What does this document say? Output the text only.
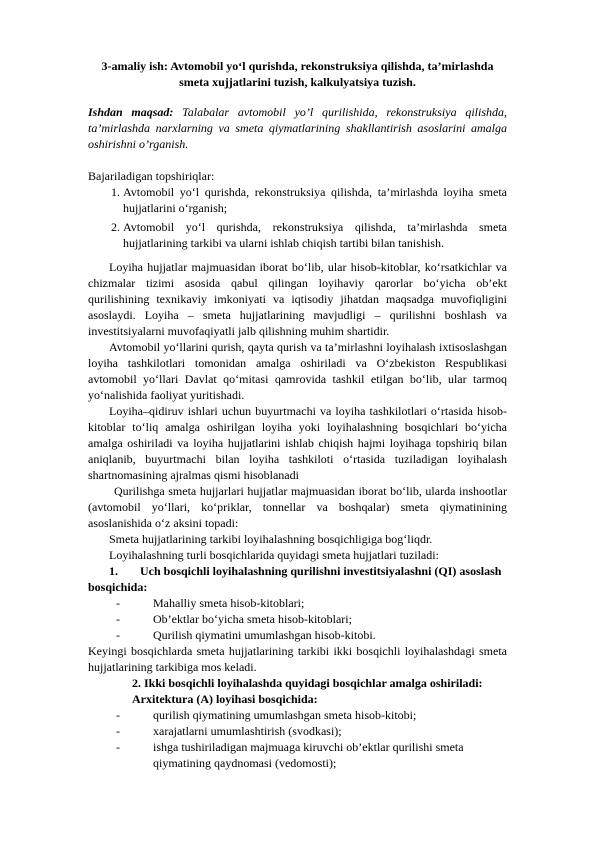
3-amaliy ish: Avtomobil yo‘l qurishda, rekonstruksiya qilishda, ta’mirlashda smeta xujjatlarini tuzish, kalkulyatsiya tuzish.
Ishdan maqsad: Talabalar avtomobil yo’l qurilishida, rekonstruksiya qilishda, ta’mirlashda narxlarning va smeta qiymatlarining shakllantirish asoslarini amalga oshirishni o’rganish.
Bajariladigan topshiriqlar:
1. Avtomobil yo‘l qurishda, rekonstruksiya qilishda, ta’mirlashda loyiha smeta hujjatlarini o‘rganish;
2. Avtomobil yo‘l qurishda, rekonstruksiya qilishda, ta’mirlashda smeta hujjatlarining tarkibi va ularni ishlab chiqish tartibi bilan tanishish.

Loyiha hujjatlar majmuasidan iborat bo‘lib, ular hisob-kitoblar, ko‘rsatkichlar va chizmalar tizimi asosida qabul qilingan loyihaviy qarorlar bo‘yicha ob’ekt qurilishining texnikaviy imkoniyati va iqtisodiy jihatdan maqsadga muvofiqligini asoslaydi. Loyiha – smeta hujjatlarining mavjudligi – qurilishni boshlash va investitsiyalarni muvofaqiyatli jalb qilishning muhim shartidir.

Avtomobil yo‘llarini qurish, qayta qurish va ta’mirlashni loyihalash ixtisoslashgan loyiha tashkilotlari tomonidan amalga oshiriladi va O‘zbekiston Respublikasi avtomobil yo‘llari Davlat qo‘mitasi qamrovida tashkil etilgan bo‘lib, ular tarmoq yo‘nalishida faoliyat yuritishadi.

Loyiha–qidiruv ishlari uchun buyurtmachi va loyiha tashkilotlari o‘rtasida hisob-kitoblar to‘liq amalga oshirilgan loyiha yoki loyihalashning bosqichlari bo‘yicha amalga oshiriladi va loyiha hujjatlarini ishlab chiqish hajmi loyihaga topshiriq bilan aniqlanib, buyurtmachi bilan loyiha tashkiloti o‘rtasida tuziladigan loyihalash shartnomasining ajralmas qismi hisoblanadi

Qurilishga smeta hujjarlari hujjatlar majmuasidan iborat bo‘lib, ularda inshootlar (avtomobil yo‘llari, ko‘priklar, tonnellar va boshqalar) smeta qiymatinining asoslanishida o‘z aksini topadi:

Smeta hujjatlarining tarkibi loyihalashning bosqichligiga bog‘liqdr.

Loyihalashning turli bosqichlarida quyidagi smeta hujjatlari tuziladi:

1. Uch bosqichli loyihalashning qurilishni investitsiyalashni (QI) asoslash bosqichida:
-	Mahalliy smeta hisob-kitoblari;
-	Ob’ektlar bo‘yicha smeta hisob-kitoblari;
-	Qurilish qiymatini umumlashgan hisob-kitobi.

Keyingi bosqichlarda smeta hujjatlarining tarkibi ikki bosqichli loyihalashdagi smeta hujjatlarining tarkibiga mos keladi.

2. Ikki bosqichli loyihalashda quyidagi bosqichlar amalga oshiriladi:
Arxitektura (A) loyihasi bosqichida:
-	qurilish qiymatining umumlashgan smeta hisob-kitobi;
-	xarajatlarni umumlashtirish (svodkasi);
-	ishga tushiriladigan majmuaga kiruvchi ob’ektlar qurilishi smeta qiymatining qaydnomasi (vedomosti);
